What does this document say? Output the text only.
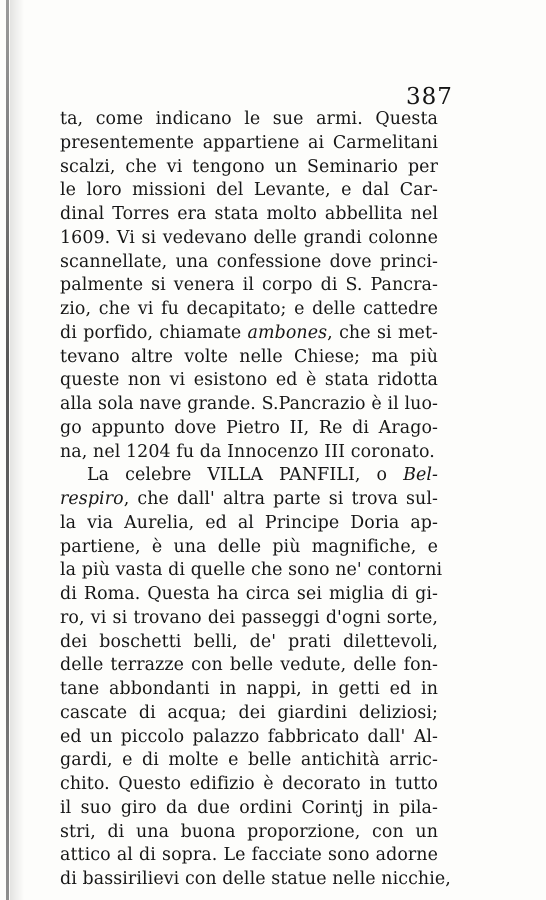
387

ta, come indicano le sue armi. Questa
presentemente appartiene ai Carmelitani
scalzi, che vi tengono un Seminario per
le loro missioni del Levante, e dal Car-
dinal Torres era stata molto abbellita nel
1609. Vi si vedevano delle grandi colonne
scannellate, una confessione dove princi-
palmente si venera il corpo di S. Pancra-
zio, che vi fu decapitato; e delle cattedre
di porfido, chiamate ambones, che si met-
tevano altre volte nelle Chiese; ma più
queste non vi esistono ed è stata ridotta
alla sola nave grande. S.Pancrazio è il luo-
go appunto dove Pietro II, Re di Arago-
na, nel 1204 fu da Innocenzo III coronato.
La celebre VILLA PANFILI, o Bel-
respiro, che dall' altra parte si trova sul-
la via Aurelia, ed al Principe Doria ap-
partiene, è una delle più magnifiche, e
la più vasta di quelle che sono ne' contorni
di Roma. Questa ha circa sei miglia di gi-
ro, vi si trovano dei passeggi d'ogni sorte,
dei boschetti belli, de' prati dilettevoli,
delle terrazze con belle vedute, delle fon-
tane abbondanti in nappi, in getti ed in
cascate di acqua; dei giardini deliziosi;
ed un piccolo palazzo fabbricato dall' Al-
gardi, e di molte e belle antichità arric-
chito. Questo edifizio è decorato in tutto
il suo giro da due ordini Corintj in pila-
stri, di una buona proporzione, con un
attico al di sopra. Le facciate sono adorne
di bassirilievi con delle statue nelle nicchie,
